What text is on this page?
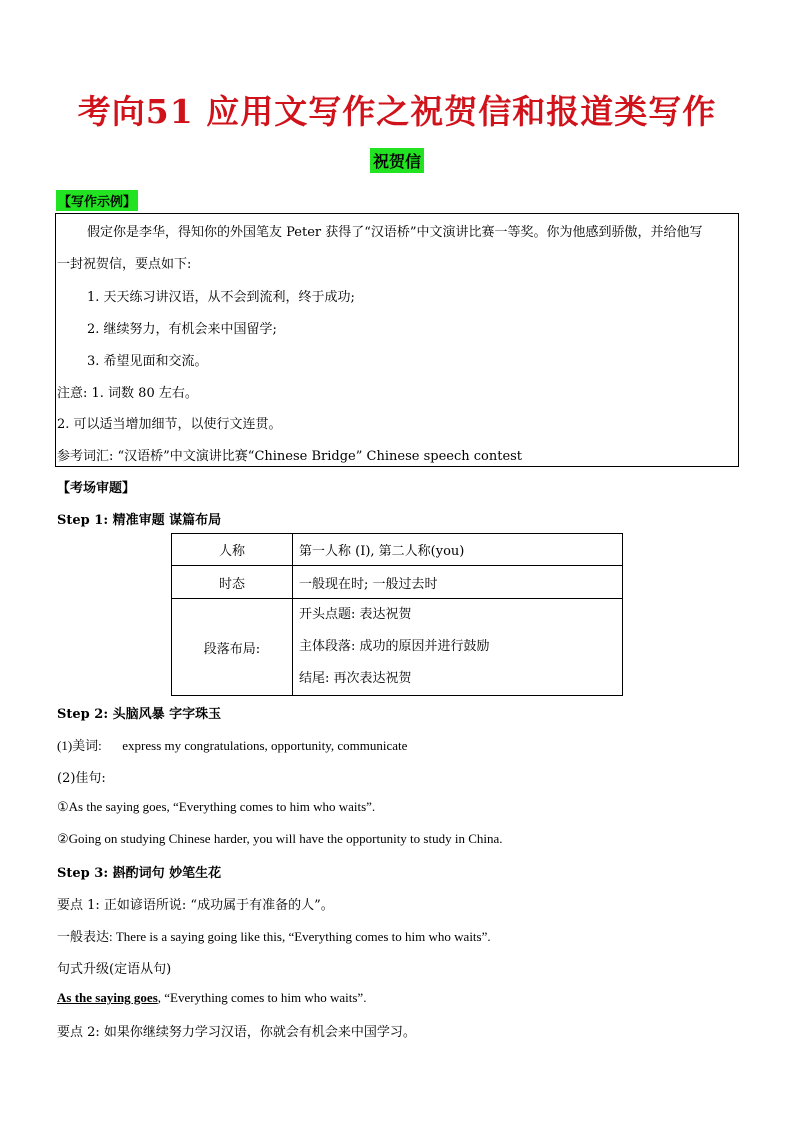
考向51 应用文写作之祝贺信和报道类写作
祝贺信
【写作示例】
假定你是李华，得知你的外国笔友 Peter 获得了“汉语桥”中文演讲比赛一等奖。你为他感到骄傲，并给他写
一封祝贺信，要点如下:
1. 天天练习讲汉语，从不会到流利，终于成功;
2. 继续努力，有机会来中国留学;
3. 希望见面和交流。
注意: 1. 词数 80 左右。
2. 可以适当增加细节，以使行文连贯。
参考词汇: “汉语桥”中文演讲比赛“Chinese Bridge” Chinese speech contest
【考场审题】
Step 1: 精准审题 谋篇布局
人称	第一人称 (I), 第二人称(you)
时态	一般现在时; 一般过去时
段落布局:	开头点题: 表达祝贺
主体段落: 成功的原因并进行鼓励
结尾: 再次表达祝贺
Step 2: 头脑风暴 字字珠玉
(1)美词: express my congratulations, opportunity, communicate
(2)佳句:
①As the saying goes, “Everything comes to him who waits”.
②Going on studying Chinese harder, you will have the opportunity to study in China.
Step 3: 斟酌词句 妙笔生花
要点 1: 正如谚语所说: “成功属于有准备的人”。
一般表达: There is a saying going like this, “Everything comes to him who waits”.
句式升级(定语从句)
As the saying goes, “Everything comes to him who waits”.
要点 2: 如果你继续努力学习汉语，你就会有机会来中国学习。
